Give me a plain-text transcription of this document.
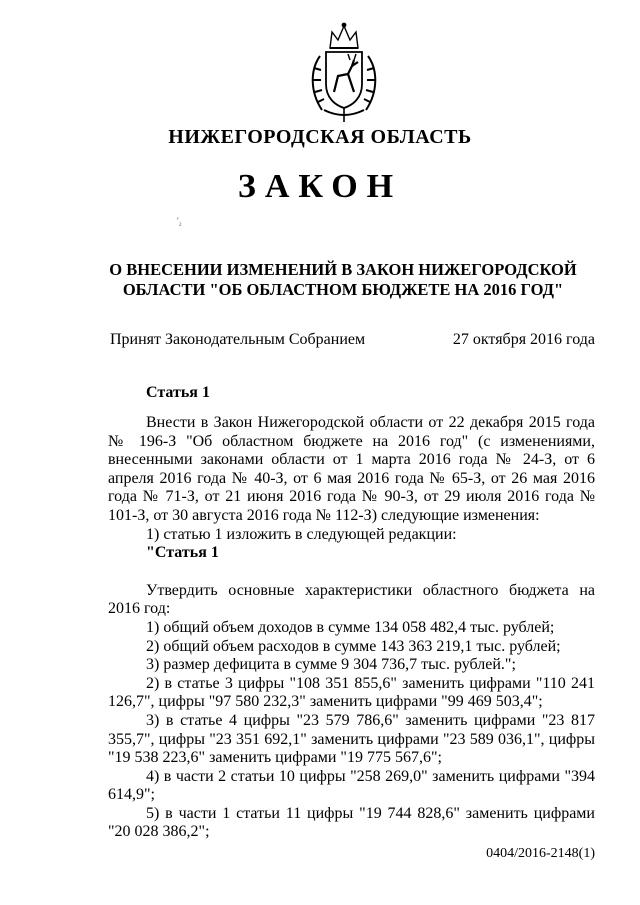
НИЖЕГОРОДСКАЯ ОБЛАСТЬ
ЗАКОН
'₂
О ВНЕСЕНИИ ИЗМЕНЕНИЙ В ЗАКОН НИЖЕГОРОДСКОЙ
ОБЛАСТИ "ОБ ОБЛАСТНОМ БЮДЖЕТЕ НА 2016 ГОД"
Принят Законодательным Собранием	27 октября 2016 года
Статья 1

Внести в Закон Нижегородской области от 22 декабря 2015 года № 196-З "Об областном бюджете на 2016 год" (с изменениями, внесенными законами области от 1 марта 2016 года № 24-З, от 6 апреля 2016 года № 40-З, от 6 мая 2016 года № 65-З, от 26 мая 2016 года № 71-З, от 21 июня 2016 года № 90-З, от 29 июля 2016 года № 101-З, от 30 августа 2016 года № 112-З) следующие изменения:

1) статью 1 изложить в следующей редакции:

"Статья 1

Утвердить основные характеристики областного бюджета на 2016 год:

1) общий объем доходов в сумме 134 058 482,4 тыс. рублей;

2) общий объем расходов в сумме 143 363 219,1 тыс. рублей;

3) размер дефицита в сумме 9 304 736,7 тыс. рублей.";

2) в статье 3 цифры "108 351 855,6" заменить цифрами "110 241 126,7", цифры "97 580 232,3" заменить цифрами "99 469 503,4";

3) в статье 4 цифры "23 579 786,6" заменить цифрами "23 817 355,7", цифры "23 351 692,1" заменить цифрами "23 589 036,1", цифры "19 538 223,6" заменить цифрами "19 775 567,6";

4) в части 2 статьи 10 цифры "258 269,0" заменить цифрами "394 614,9";

5) в части 1 статьи 11 цифры "19 744 828,6" заменить цифрами "20 028 386,2";

0404/2016-2148(1)
